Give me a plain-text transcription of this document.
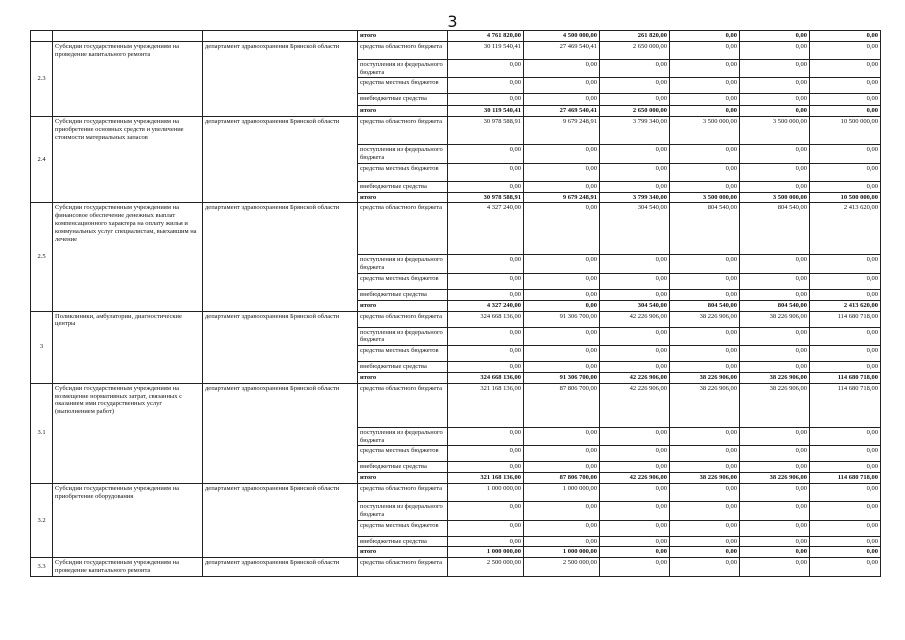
3
			итого	4 761 820,00	4 500 000,00	261 820,00	0,00	0,00	0,00
2.3	Субсидии государственным учреждениям на проведение капитального ремонта	департамент здравоохранения Брянской области	средства областного бюджета	30 119 540,41	27 469 540,41	2 650 000,00	0,00	0,00	0,00
			поступления из федерального бюджета	0,00	0,00	0,00	0,00	0,00	0,00
			средства местных бюджетов	0,00	0,00	0,00	0,00	0,00	0,00
			внебюджетные средства	0,00	0,00	0,00	0,00	0,00	0,00
			итого	30 119 540,41	27 469 540,41	2 650 000,00	0,00	0,00	0,00
2.4	Субсидии государственным учреждениям на приобретение основных средств и увеличение стоимости материальных запасов	департамент здравоохранения Брянской области	средства областного бюджета	30 978 588,91	9 679 248,91	3 799 340,00	3 500 000,00	3 500 000,00	10 500 000,00
			поступления из федерального бюджета	0,00	0,00	0,00	0,00	0,00	0,00
			средства местных бюджетов	0,00	0,00	0,00	0,00	0,00	0,00
			внебюджетные средства	0,00	0,00	0,00	0,00	0,00	0,00
			итого	30 978 588,91	9 679 248,91	3 799 340,00	3 500 000,00	3 500 000,00	10 500 000,00
2.5	Субсидии государственным учреждениям на финансовое обеспечение денежных выплат компенсационного характера на оплату жилья и коммунальных услуг специалистам, выехавшим на лечение	департамент здравоохранения Брянской области	средства областного бюджета	4 327 240,00	0,00	304 540,00	804 540,00	804 540,00	2 413 620,00
			поступления из федерального бюджета	0,00	0,00	0,00	0,00	0,00	0,00
			средства местных бюджетов	0,00	0,00	0,00	0,00	0,00	0,00
			внебюджетные средства	0,00	0,00	0,00	0,00	0,00	0,00
			итого	4 327 240,00	0,00	304 540,00	804 540,00	804 540,00	2 413 620,00
3	Поликлиники, амбулатории, диагностические центры	департамент здравоохранения Брянской области	средства областного бюджета	324 668 136,00	91 306 700,00	42 226 906,00	38 226 906,00	38 226 906,00	114 680 718,00
			поступления из федерального бюджета	0,00	0,00	0,00	0,00	0,00	0,00
			средства местных бюджетов	0,00	0,00	0,00	0,00	0,00	0,00
			внебюджетные средства	0,00	0,00	0,00	0,00	0,00	0,00
			итого	324 668 136,00	91 306 700,00	42 226 906,00	38 226 906,00	38 226 906,00	114 680 718,00
3.1	Субсидии государственным учреждениям на возмещение нормативных затрат, связанных с оказанием ими государственных услуг (выполнением работ)	департамент здравоохранения Брянской области	средства областного бюджета	321 168 136,00	87 806 700,00	42 226 906,00	38 226 906,00	38 226 906,00	114 680 718,00
			поступления из федерального бюджета	0,00	0,00	0,00	0,00	0,00	0,00
			средства местных бюджетов	0,00	0,00	0,00	0,00	0,00	0,00
			внебюджетные средства	0,00	0,00	0,00	0,00	0,00	0,00
			итого	321 168 136,00	87 806 700,00	42 226 906,00	38 226 906,00	38 226 906,00	114 680 718,00
3.2	Субсидии государственным учреждениям на приобретение оборудования	департамент здравоохранения Брянской области	средства областного бюджета	1 000 000,00	1 000 000,00	0,00	0,00	0,00	0,00
			поступления из федерального бюджета	0,00	0,00	0,00	0,00	0,00	0,00
			средства местных бюджетов	0,00	0,00	0,00	0,00	0,00	0,00
			внебюджетные средства	0,00	0,00	0,00	0,00	0,00	0,00
			итого	1 000 000,00	1 000 000,00	0,00	0,00	0,00	0,00
3.3	Субсидии государственным учреждениям на проведение капитального ремонта	департамент здравоохранения Брянской области	средства областного бюджета	2 500 000,00	2 500 000,00	0,00	0,00	0,00	0,00
